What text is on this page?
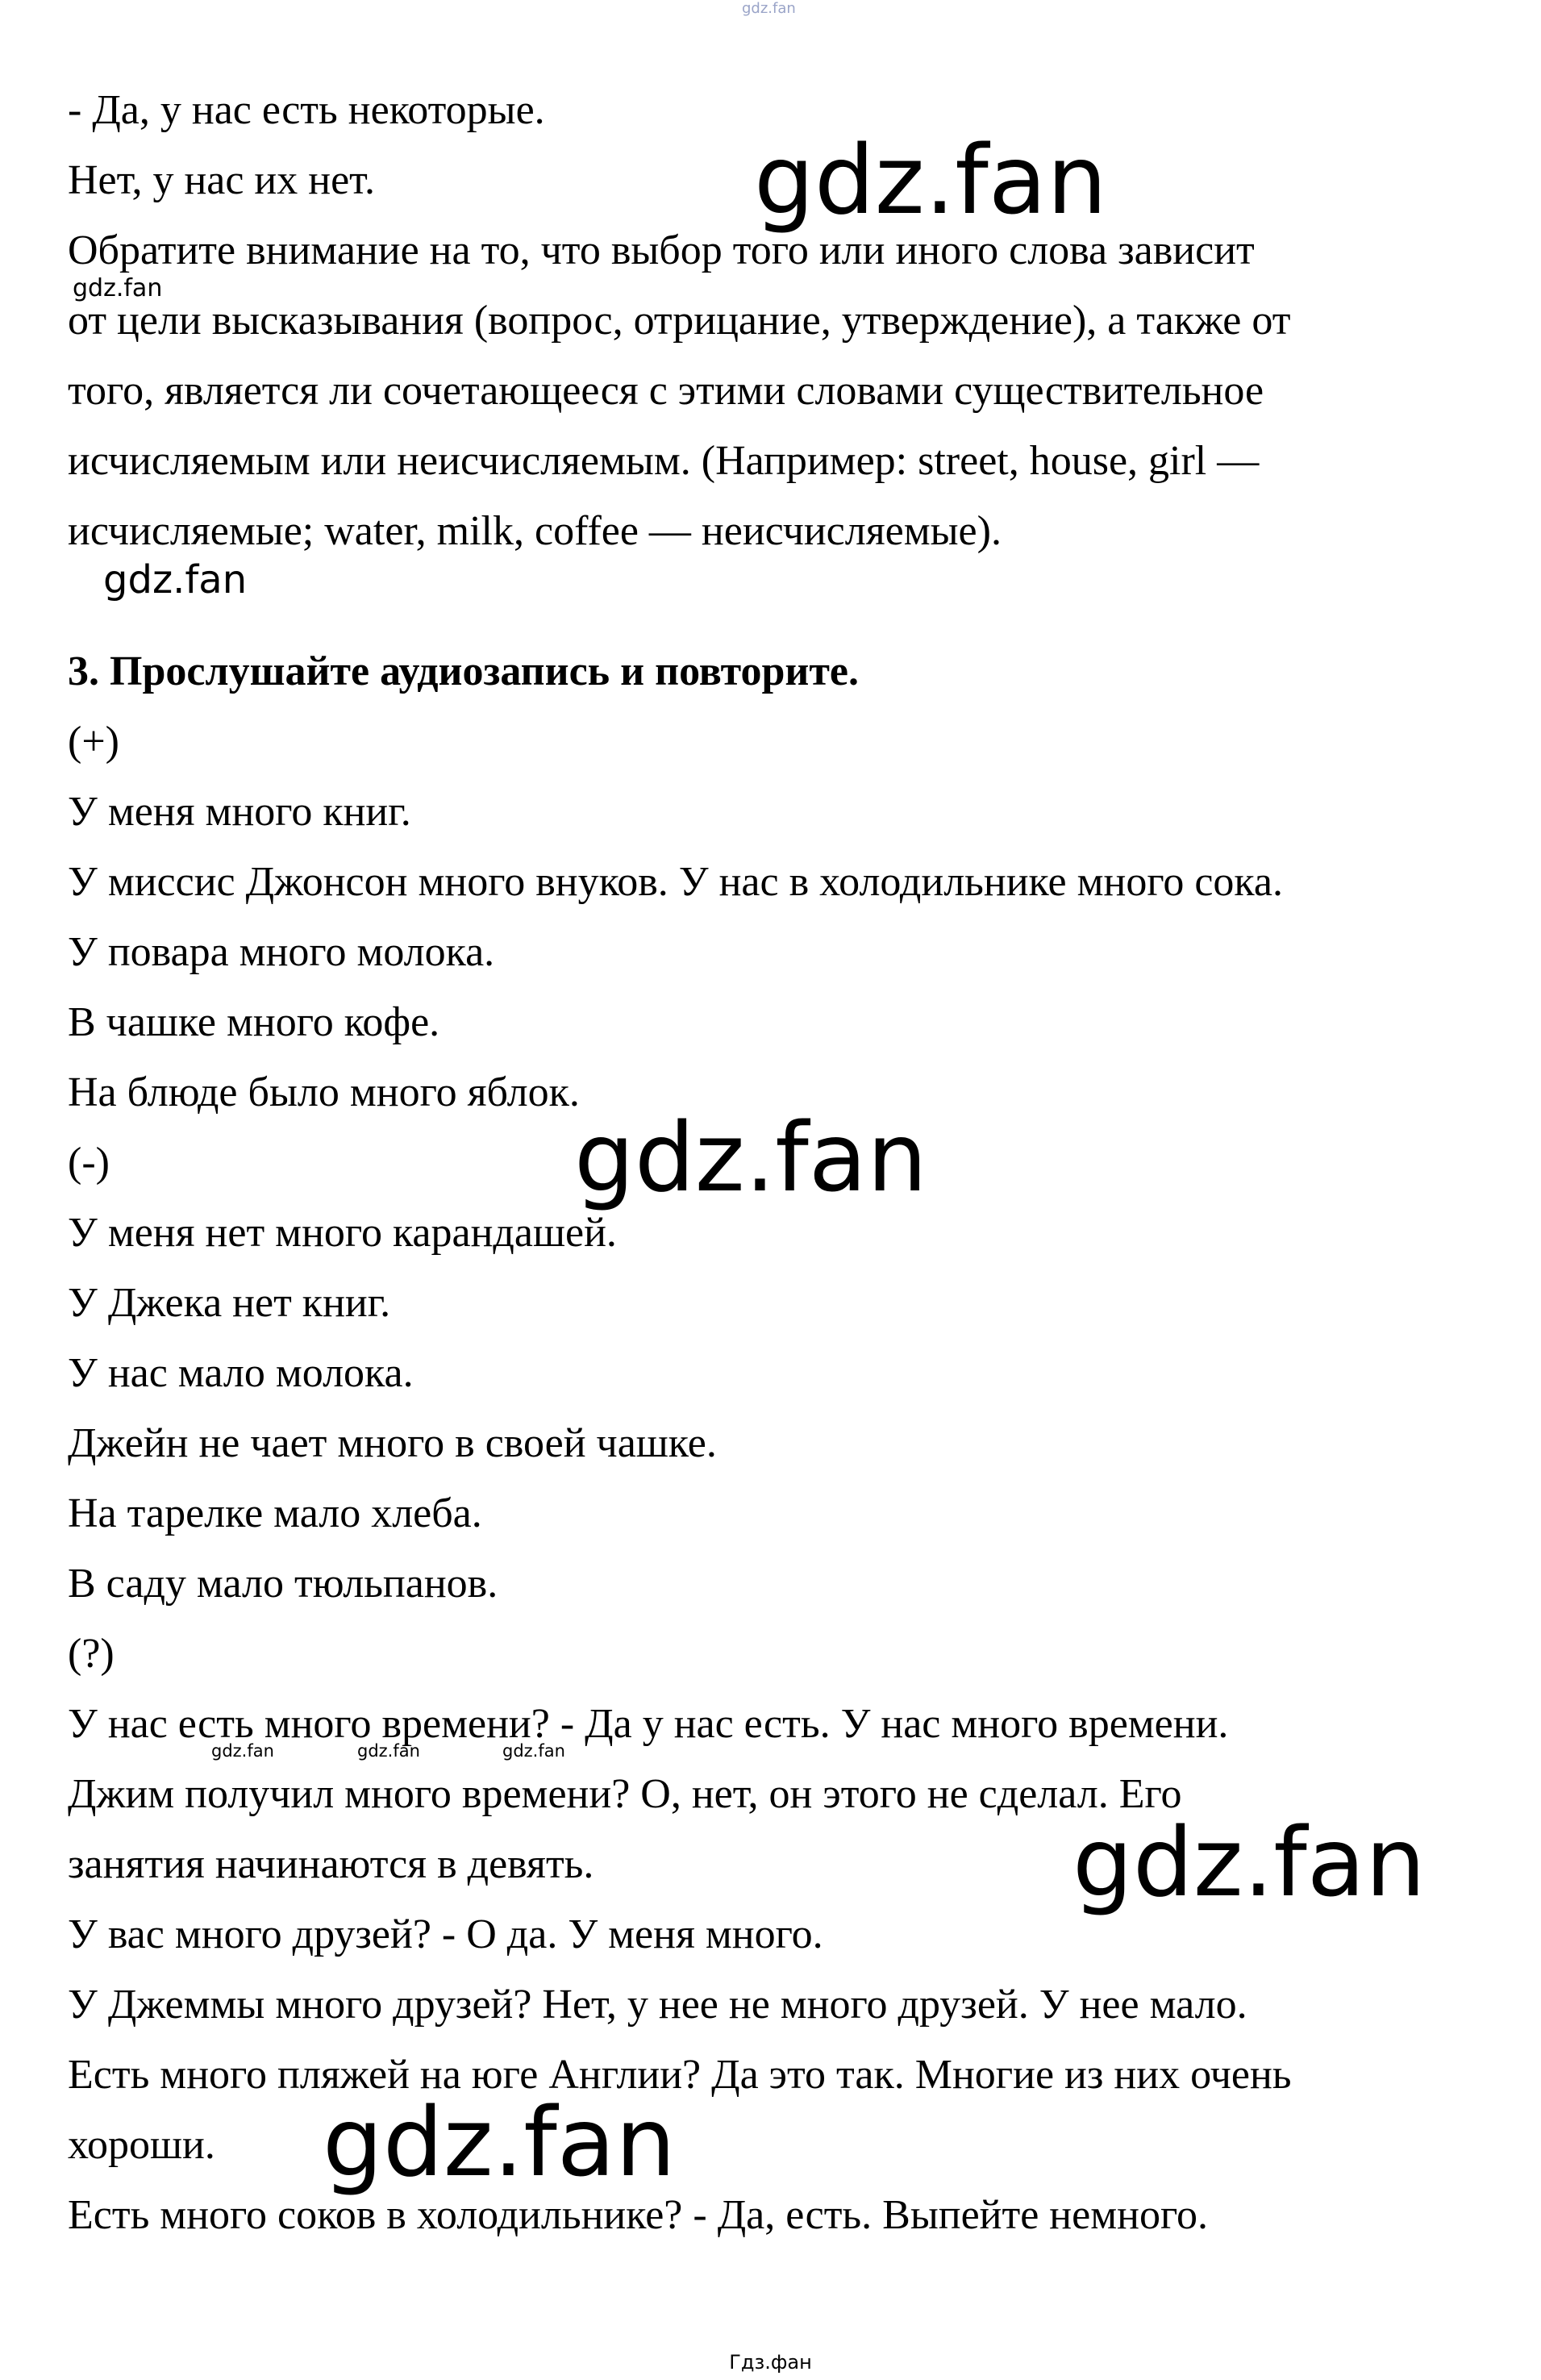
gdz.fan

- Да, у нас есть некоторые.

Нет, у нас их нет.

Обратите внимание на то, что выбор того или иного слова зависит

от цели высказывания (вопрос, отрицание, утверждение), а также от

того, является ли сочетающееся с этими словами существительное

исчисляемым или неисчисляемым. (Например: street, house, girl —

исчисляемые; water, milk, coffee — неисчисляемые).

3. Прослушайте аудиозапись и повторите.

(+)

У меня много книг.

У миссис Джонсон много внуков. У нас в холодильнике много сока.

У повара много молока.

В чашке много кофе.

На блюде было много яблок.

(-)

У меня нет много карандашей.

У Джека нет книг.

У нас мало молока.

Джейн не чает много в своей чашке.

На тарелке мало хлеба.

В саду мало тюльпанов.

(?)

У нас есть много времени? - Да у нас есть. У нас много времени.

Джим получил много времени? О, нет, он этого не сделал. Его

занятия начинаются в девять.

У вас много друзей? - О да. У меня много.

У Джеммы много друзей? Нет, у нее не много друзей. У нее мало.

Есть много пляжей на юге Англии? Да это так. Многие из них очень

хороши.

Есть много соков в холодильнике? - Да, есть. Выпейте немного.

gdz.fan
gdz.fan
gdz.fan
gdz.fan
gdz.fan	gdz.fan	gdz.fan
gdz.fan
gdz.fan
Гдз.фан
